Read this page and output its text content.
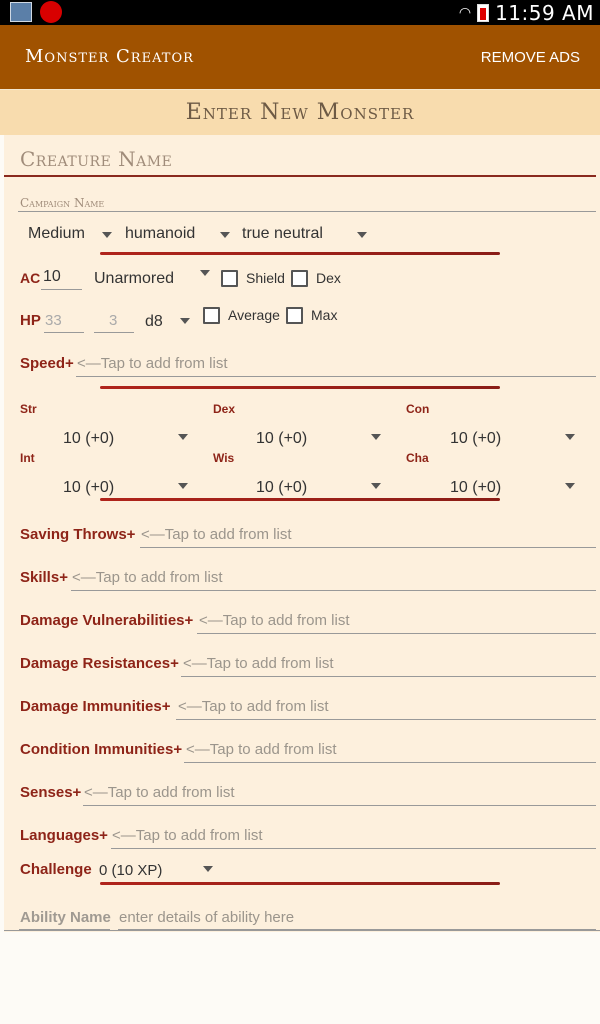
◠ 11:59 AM
Monster Creator	REMOVE ADS
Enter New Monster
Creature Name
Campaign Name
Medium	humanoid	true neutral
AC 10 Unarmored	Shield Dex
HP 33	3 d8	Average Max
Speed+ <—Tap to add from list
Str	Dex	Con
10 (+0)	10 (+0)	10 (+0)
Int	Wis	Cha
10 (+0)	10 (+0)	10 (+0)
Saving Throws+ <—Tap to add from list
Skills+ <—Tap to add from list
Damage Vulnerabilities+ <—Tap to add from list
Damage Resistances+ <—Tap to add from list
Damage Immunities+ <—Tap to add from list
Condition Immunities+ <—Tap to add from list
Senses+ <—Tap to add from list
Languages+ <—Tap to add from list
Challenge 0 (10 XP)
Ability Name enter details of ability here
